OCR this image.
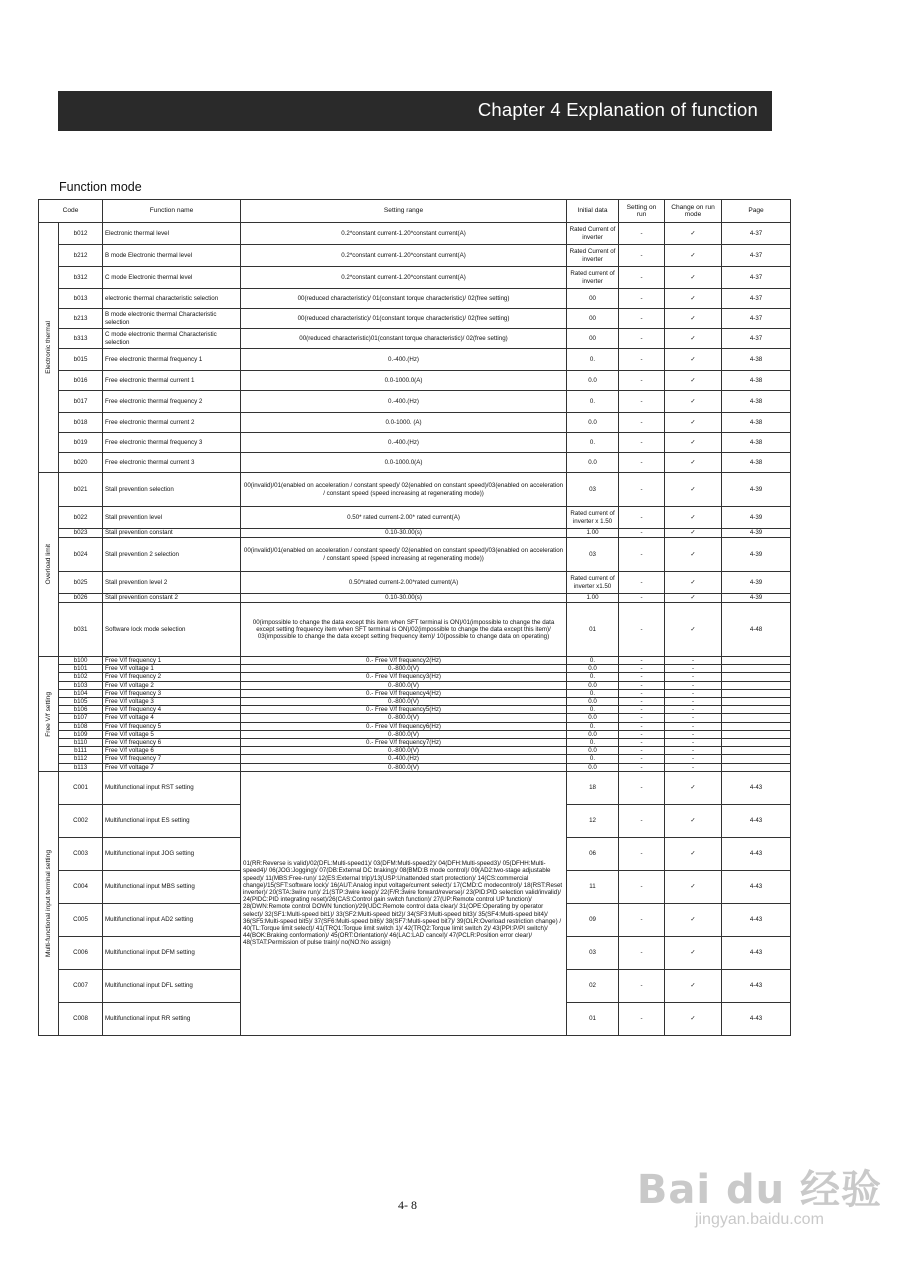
Chapter 4 Explanation of function
Function mode
Code		Function name	Setting range	Initial data	Setting on run	Change on run mode	Page

Electronic thermal	b012	Electronic thermal level	0.2*constant current-1.20*constant current(A)	Rated Current of inverter	-	✓	4-37
	b212	B mode Electronic thermal level	0.2*constant current-1.20*constant current(A)	Rated Current of inverter	-	✓	4-37
	b312	C mode Electronic thermal level	0.2*constant current-1.20*constant current(A)	Rated current of inverter	-	✓	4-37
	b013	electronic thermal characteristic selection	00(reduced characteristic)/ 01(constant torque characteristic)/ 02(free setting)	00	-	✓	4-37
	b213	B mode electronic thermal Characteristic selection	00(reduced characteristic)/ 01(constant torque characteristic)/ 02(free setting)	00	-	✓	4-37
	b313	C mode electronic thermal Characteristic selection	00(reduced characteristic)01(constant torque characteristic)/ 02(free setting)	00	-	✓	4-37
	b015	Free electronic thermal frequency 1	0.-400.(Hz)	0.	-	✓	4-38
	b016	Free electronic thermal current 1	0.0-1000.0(A)	0.0	-	✓	4-38
	b017	Free electronic thermal frequency 2	0.-400.(Hz)	0.	-	✓	4-38
	b018	Free electronic thermal current 2	0.0-1000. (A)	0.0	-	✓	4-38
	b019	Free electronic thermal frequency 3	0.-400.(Hz)	0.	-	✓	4-38
	b020	Free electronic thermal current 3	0.0-1000.0(A)	0.0	-	✓	4-38

Overload limit	b021	Stall prevention selection	00(invalid)/01(enabled on acceleration / constant speed)/ 02(enabled on constant speed)/03(enabled on acceleration / constant speed (speed increasing at regenerating mode))	03	-	✓	4-39
	b022	Stall prevention level	0.50* rated current-2.00* rated current(A)	Rated current of inverter x 1.50	-	✓	4-39
	b023	Stall prevention constant	0.10-30.00(s)	1.00	-	✓	4-39
	b024	Stall prevention 2 selection	00(invalid)/01(enabled on acceleration / constant speed)/ 02(enabled on constant speed)/03(enabled on acceleration / constant speed (speed increasing at regenerating mode))	03	-	✓	4-39
	b025	Stall prevention level 2	0.50*rated current-2.00*rated current(A)	Rated current of inverter x1.50	-	✓	4-39
	b026	Stall prevention constant 2	0.10-30.00(s)	1.00	-	✓	4-39
	b031	Software lock mode selection	00(impossible to change the data except this item when SFT terminal is ON)/01(impossible to change the data except setting frequency item when SFT terminal is ON)/02(impossible to change the data except this item)/ 03(impossible to change the data except setting frequency item)/ 10(possible to change data on operating)	01	-	✓	4-48

Free V/f setting	b100	Free V/f frequency 1	0.- Free V/f frequency2(Hz)	0.	-	-	
	b101	Free V/f voltage 1	0.-800.0(V)	0.0	-	-	
	b102	Free V/f frequency 2	0.- Free V/f frequency3(Hz)	0.	-	-	
	b103	Free V/f voltage 2	0.-800.0(V)	0.0	-	-	
	b104	Free V/f frequency 3	0.- Free V/f frequency4(Hz)	0.	-	-	
	b105	Free V/f voltage 3	0.-800.0(V)	0.0	-	-	
	b106	Free V/f frequency 4	0.- Free V/f frequency5(Hz)	0.	-	-	
	b107	Free V/f voltage 4	0.-800.0(V)	0.0	-	-	
	b108	Free V/f frequency 5	0.- Free V/f frequency6(Hz)	0.	-	-	
	b109	Free V/f voltage 5	0.-800.0(V)	0.0	-	-	
	b110	Free V/f frequency 6	0.- Free V/f frequency7(Hz)	0.	-	-	
	b111	Free V/f voltage 6	0.-800.0(V)	0.0	-	-	
	b112	Free V/f frequency 7	0.-400.(Hz)	0.	-	-	
	b113	Free V/f voltage 7	0.-800.0(V)	0.0	-	-	

Multi-functional input terminal setting	C001	Multifunctional input RST setting	01(RR:Reverse is valid)/02(DFL:Multi-speed1)/ 03(DFM:Multi-speed2)/ 04(DFH:Multi-speed3)/ 05(DFHH:Multi-speed4)/ 06(JOG:Jogging)/ 07(DB:External DC braking)/ 08(BMD:B mode control)/ 09(AD2:two-stage adjustable speed)/ 11(MBS:Free-run)/ 12(ES:External trip)/13(USP:Unattended start protection)/ 14(CS:commercial change)/15(SFT:software lock)/ 16(AUT:Analog input voltage/current select)/ 17(CMD:C modecontrol)/ 18(RST:Reset inverter)/ 20(STA:3wire run)/ 21(STP:3wire keep)/ 22(F/R:3wire forward/reverse)/ 23(PID:PID selection valid/invalid)/ 24(PIDC:PID integrating reset)/26(CAS:Control gain switch function)/ 27(UP:Remote control UP function)/ 28(DWN:Remote control DOWN function)/29(UDC:Remote control data clear)/ 31(OPE:Operating by operator select)/ 32(SF1:Multi-speed bit1)/ 33(SF2:Multi-speed bit2)/ 34(SF3:Multi-speed bit3)/ 35(SF4:Multi-speed bit4)/ 36(SF5:Multi-speed bit5)/ 37(SF6:Multi-speed bit6)/ 38(SF7:Multi-speed bit7)/ 39(OLR:Overload restriction change) / 40(TL:Torque limit select)/ 41(TRQ1:Torque limit switch 1)/ 42(TRQ2:Torque limit switch 2)/ 43(PPI:P/PI switch)/ 44(BOK:Braking conformation)/ 45(ORT:Orientation)/ 46(LAC:LAD cancel)/ 47(PCLR:Position error clear)/ 48(STAT:Permission of pulse train)/ no(NO:No assign)	18	-	✓	4-43
	C002	Multifunctional input ES setting		12	-	✓	4-43
	C003	Multifunctional input JOG setting		06	-	✓	4-43
	C004	Multifunctional input MBS setting		11	-	✓	4-43
	C005	Multifunctional input AD2 setting		09	-	✓	4-43
	C006	Multifunctional input DFM setting		03	-	✓	4-43
	C007	Multifunctional input DFL setting		02	-	✓	4-43
	C008	Multifunctional input RR setting		01	-	✓	4-43
4- 8	Bai du 经验
jingyan.baidu.com
